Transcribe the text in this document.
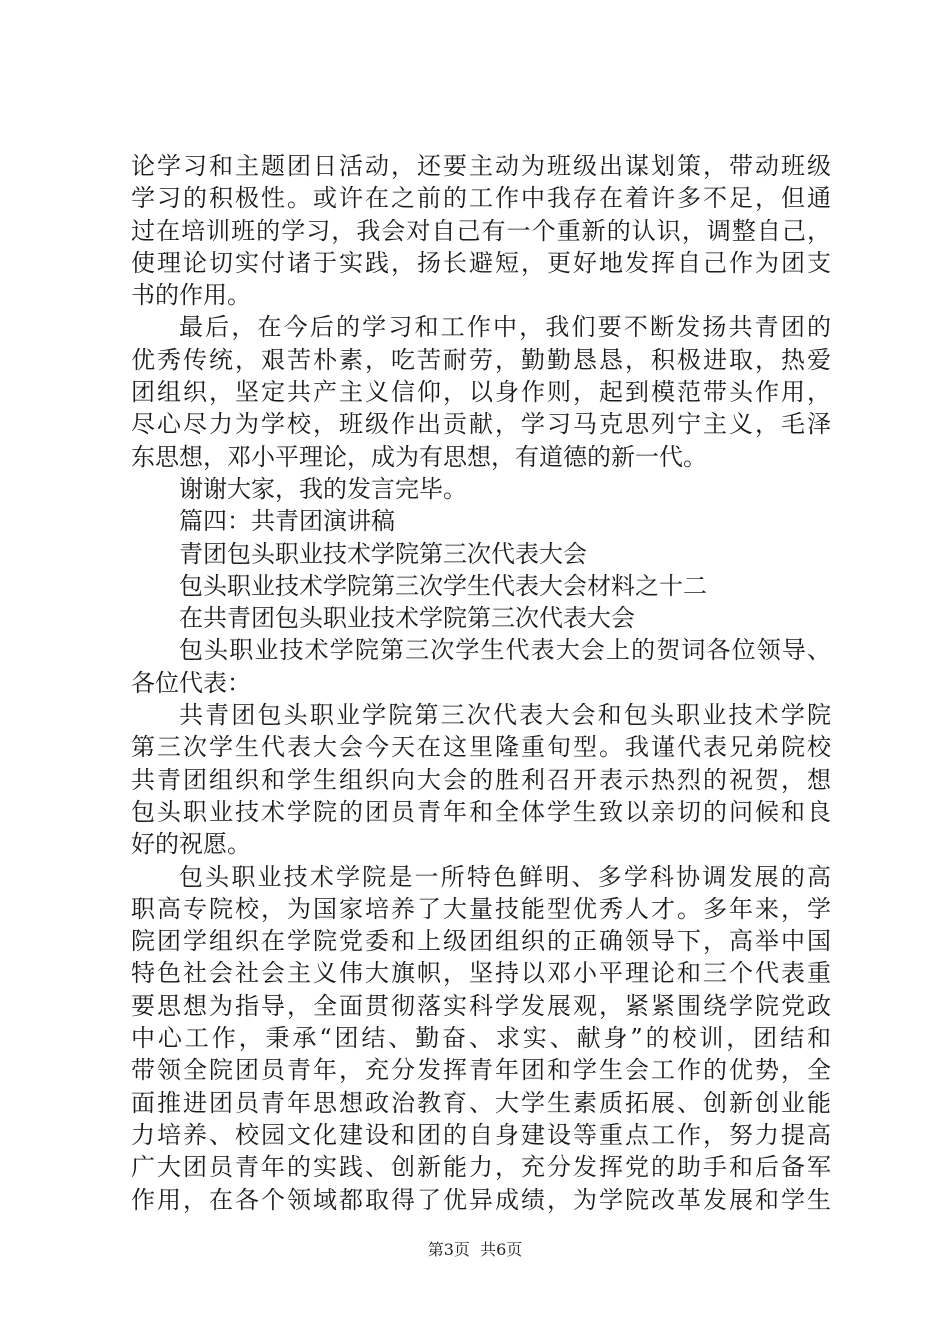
论学习和主题团日活动，还要主动为班级出谋划策，带动班级
学习的积极性。或许在之前的工作中我存在着许多不足，但通
过在培训班的学习，我会对自己有一个重新的认识，调整自己，
使理论切实付诸于实践，扬长避短，更好地发挥自己作为团支
书的作用。
最后，在今后的学习和工作中，我们要不断发扬共青团的
优秀传统，艰苦朴素，吃苦耐劳，勤勤恳恳，积极进取，热爱
团组织，坚定共产主义信仰，以身作则，起到模范带头作用，
尽心尽力为学校，班级作出贡献，学习马克思列宁主义，毛泽
东思想，邓小平理论，成为有思想，有道德的新一代。
谢谢大家，我的发言完毕。
篇四：共青团演讲稿
青团包头职业技术学院第三次代表大会
包头职业技术学院第三次学生代表大会材料之十二
在共青团包头职业技术学院第三次代表大会
包头职业技术学院第三次学生代表大会上的贺词各位领导、
各位代表：
共青团包头职业学院第三次代表大会和包头职业技术学院
第三次学生代表大会今天在这里隆重旬型。我谨代表兄弟院校
共青团组织和学生组织向大会的胜利召开表示热烈的祝贺，想
包头职业技术学院的团员青年和全体学生致以亲切的问候和良
好的祝愿。
包头职业技术学院是一所特色鲜明、多学科协调发展的高
职高专院校，为国家培养了大量技能型优秀人才。多年来，学
院团学组织在学院党委和上级团组织的正确领导下，高举中国
特色社会社会主义伟大旗帜，坚持以邓小平理论和三个代表重
要思想为指导，全面贯彻落实科学发展观，紧紧围绕学院党政
中心工作，秉承“团结、勤奋、求实、献身”的校训，团结和
带领全院团员青年，充分发挥青年团和学生会工作的优势，全
面推进团员青年思想政治教育、大学生素质拓展、创新创业能
力培养、校园文化建设和团的自身建设等重点工作，努力提高
广大团员青年的实践、创新能力，充分发挥党的助手和后备军
作用，在各个领域都取得了优异成绩，为学院改革发展和学生
第3页  共6页
